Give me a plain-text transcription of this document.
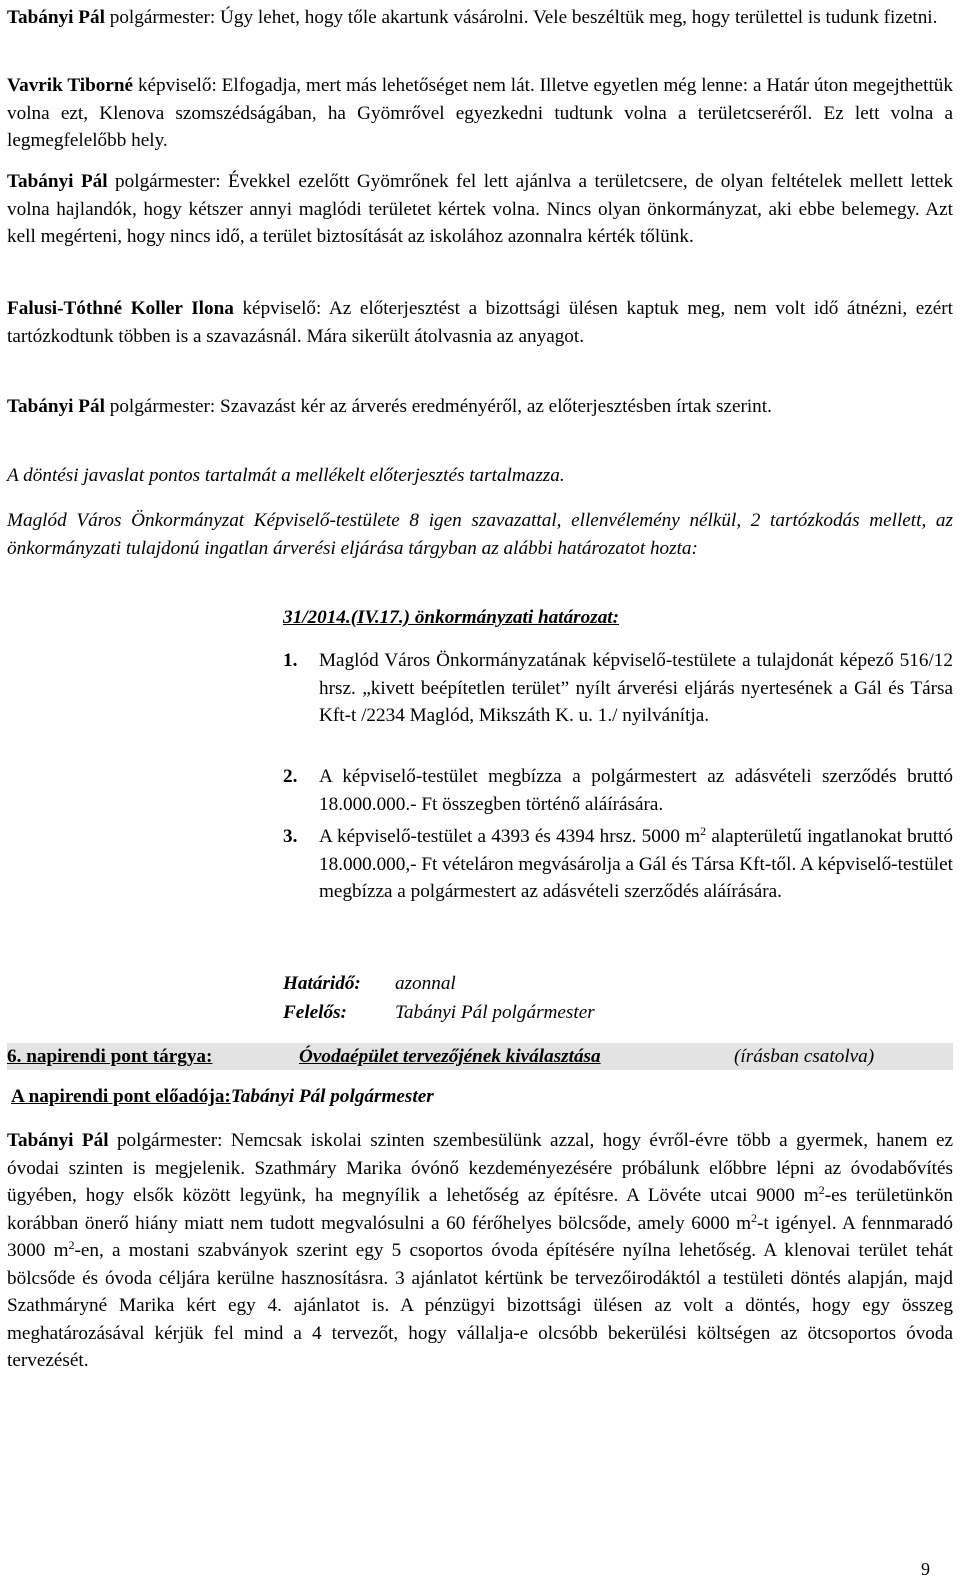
Tabányi Pál polgármester: Úgy lehet, hogy tőle akartunk vásárolni. Vele beszéltük meg, hogy területtel is tudunk fizetni.

Vavrik Tiborné képviselő: Elfogadja, mert más lehetőséget nem lát. Illetve egyetlen még lenne: a Határ úton megejthettük volna ezt, Klenova szomszédságában, ha Gyömrővel egyezkedni tudtunk volna a területcseréről. Ez lett volna a legmegfelelőbb hely.

Tabányi Pál polgármester: Évekkel ezelőtt Gyömrőnek fel lett ajánlva a területcsere, de olyan feltételek mellett lettek volna hajlandók, hogy kétszer annyi maglódi területet kértek volna. Nincs olyan önkormányzat, aki ebbe belemegy. Azt kell megérteni, hogy nincs idő, a terület biztosítását az iskolához azonnalra kérték tőlünk.

Falusi-Tóthné Koller Ilona képviselő: Az előterjesztést a bizottsági ülésen kaptuk meg, nem volt idő átnézni, ezért tartózkodtunk többen is a szavazásnál. Mára sikerült átolvasnia az anyagot.

Tabányi Pál polgármester: Szavazást kér az árverés eredményéről, az előterjesztésben írtak szerint.

A döntési javaslat pontos tartalmát a mellékelt előterjesztés tartalmazza.

Maglód Város Önkormányzat Képviselő-testülete 8 igen szavazattal, ellenvélemény nélkül, 2 tartózkodás mellett, az önkormányzati tulajdonú ingatlan árverési eljárása tárgyban az alábbi határozatot hozta:

31/2014.(IV.17.) önkormányzati határozat:
1. Maglód Város Önkormányzatának képviselő-testülete a tulajdonát képező 516/12 hrsz. „kivett beépítetlen terület” nyílt árverési eljárás nyertesének a Gál és Társa Kft-t /2234 Maglód, Mikszáth K. u. 1./ nyilvánítja.

2. A képviselő-testület megbízza a polgármestert az adásvételi szerződés bruttó 18.000.000.- Ft összegben történő aláírására.

3. A képviselő-testület a 4393 és 4394 hrsz. 5000 $m^2$ alapterületű ingatlanokat bruttó 18.000.000,- Ft vételáron megvásárolja a Gál és Társa Kft-től. A képviselő-testület megbízza a polgármestert az adásvételi szerződés aláírására.

Határidő: azonnal
Felelős:	Tabányi Pál polgármester
6. napirendi pont tárgya:	Óvodaépület tervezőjének kiválasztása	(írásban csatolva)
A napirendi pont előadója:Tabányi Pál polgármester

Tabányi Pál polgármester: Nemcsak iskolai szinten szembesülünk azzal, hogy évről-évre több a gyermek, hanem ez óvodai szinten is megjelenik. Szathmáry Marika óvónő kezdeményezésére próbálunk előbbre lépni az óvodabővítés ügyében, hogy elsők között legyünk, ha megnyílik a lehetőség az építésre. A Lövéte utcai 9000 $m^2-es$ területünkön korábban önerő hiány miatt nem tudott megvalósulni a 60 férőhelyes bölcsőde, amely 6000 $m^2-t$ igényel. A fennmaradó 3000 $m^2-en$, a mostani szabványok szerint egy 5 csoportos óvoda építésére nyílna lehetőség. A klenovai terület tehát bölcsőde és óvoda céljára kerülne hasznosításra. 3 ajánlatot kértünk be tervezőirodáktól a testületi döntés alapján, majd Szathmáryné Marika kért egy 4. ajánlatot is. A pénzügyi bizottsági ülésen az volt a döntés, hogy egy összeg meghatározásával kérjük fel mind a 4 tervezőt, hogy vállalja-e olcsóbb bekerülési költségen az ötcsoportos óvoda tervezését.

9
